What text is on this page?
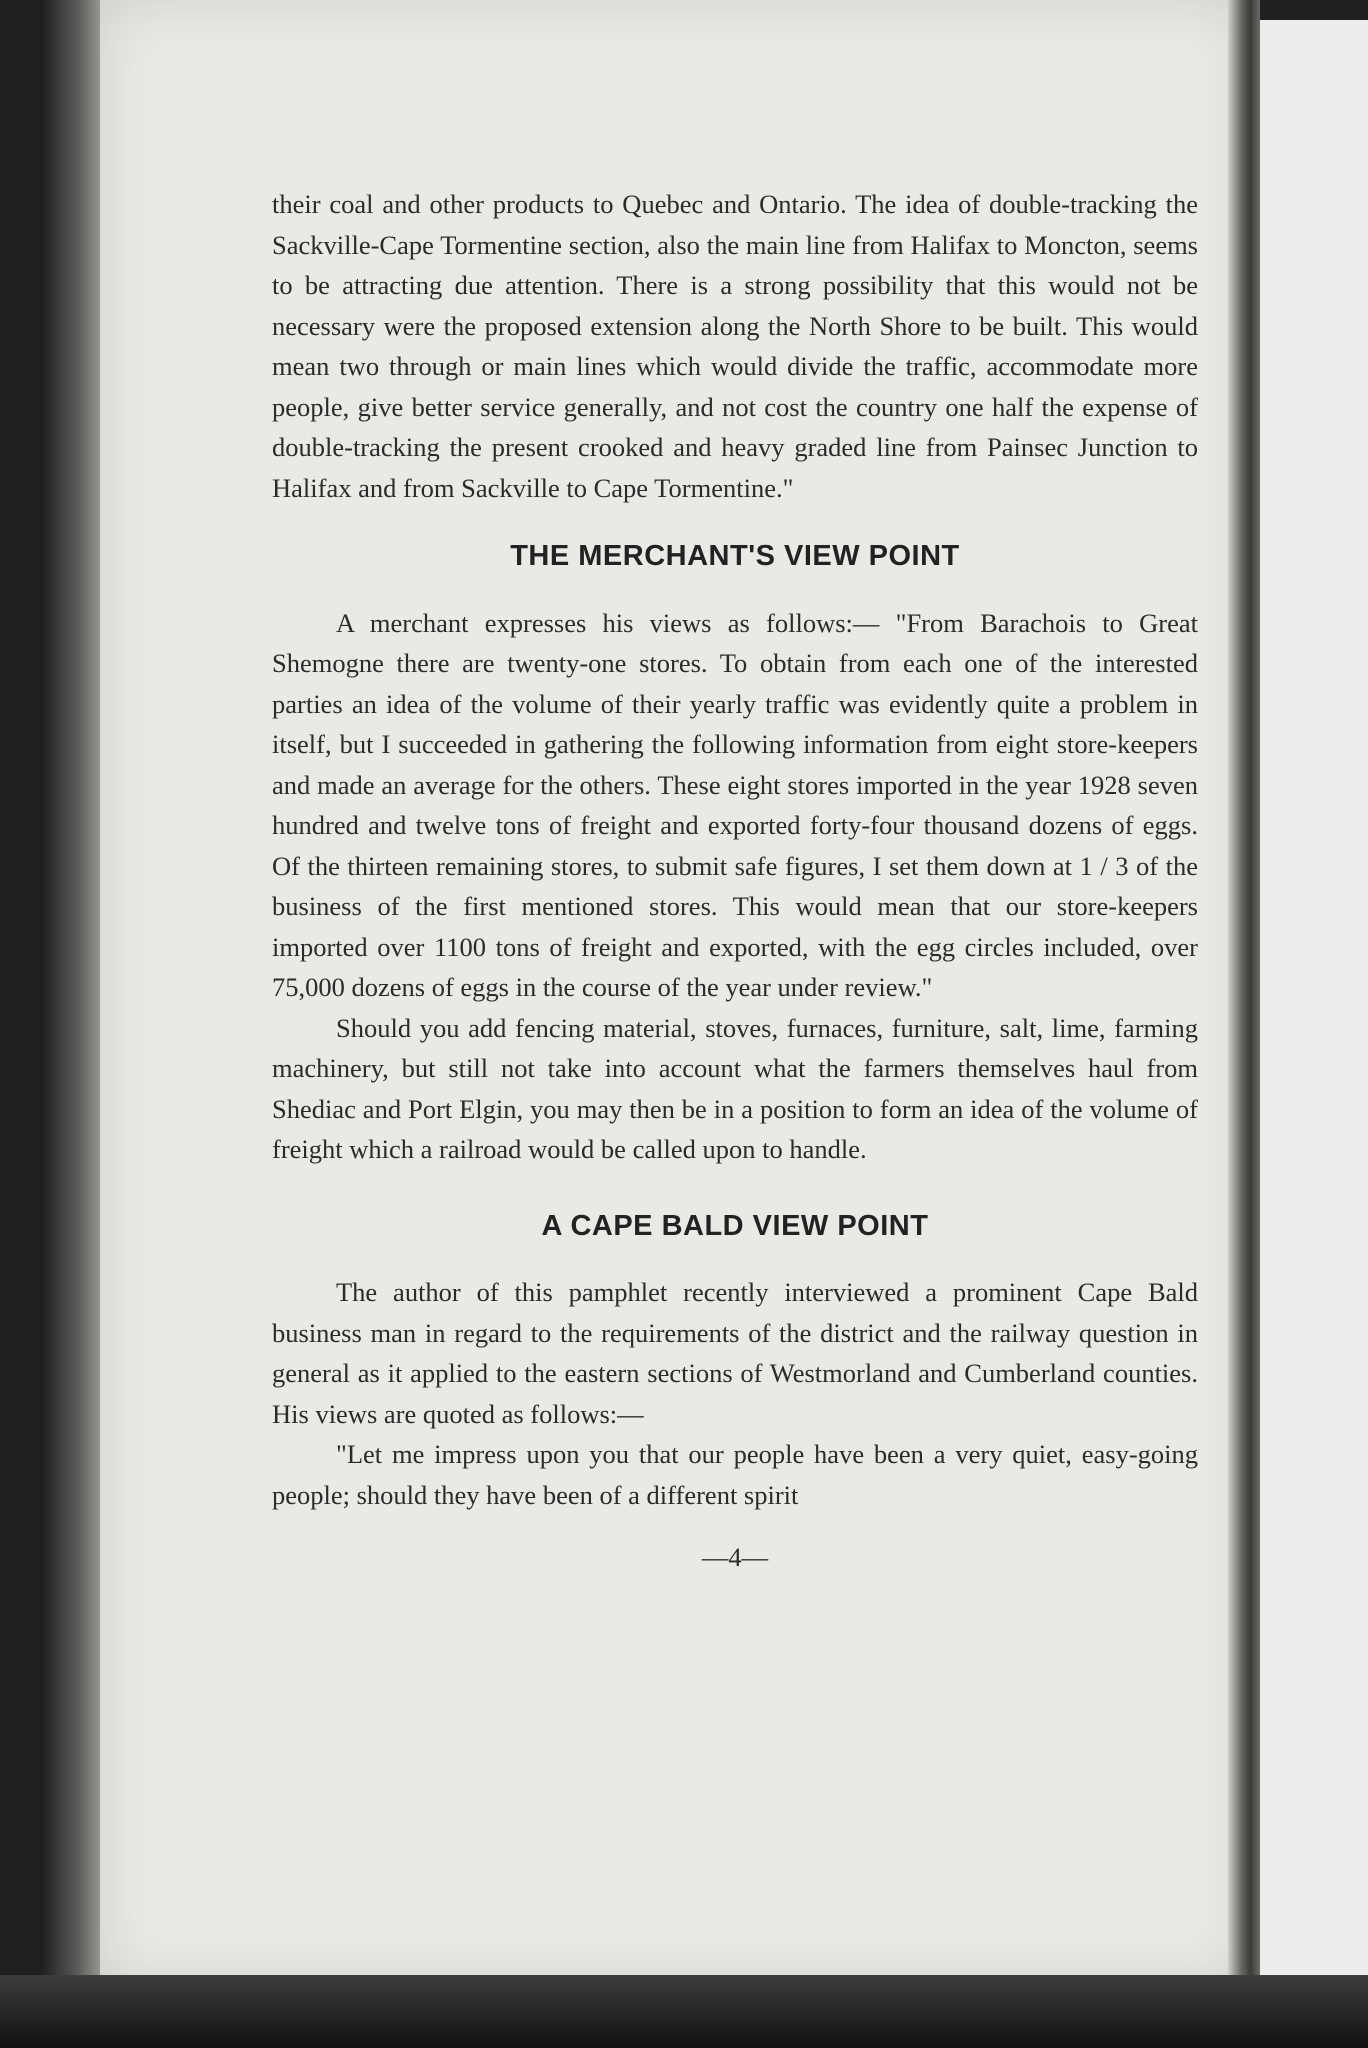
their coal and other products to Quebec and Ontario. The idea of double-tracking the Sackville-Cape Tormentine section, also the main line from Halifax to Moncton, seems to be attracting due attention. There is a strong possibility that this would not be necessary were the proposed extension along the North Shore to be built. This would mean two through or main lines which would divide the traffic, accommodate more people, give better service generally, and not cost the country one half the expense of double-tracking the present crooked and heavy graded line from Painsec Junction to Halifax and from Sackville to Cape Tormentine."

THE MERCHANT'S VIEW POINT

A merchant expresses his views as follows:— "From Barachois to Great Shemogne there are twenty-one stores. To obtain from each one of the interested parties an idea of the volume of their yearly traffic was evidently quite a problem in itself, but I succeeded in gathering the following information from eight store-keepers and made an average for the others. These eight stores imported in the year 1928 seven hundred and twelve tons of freight and exported forty-four thousand dozens of eggs. Of the thirteen remaining stores, to submit safe figures, I set them down at 1 / 3 of the business of the first mentioned stores. This would mean that our store-keepers imported over 1100 tons of freight and exported, with the egg circles included, over 75,000 dozens of eggs in the course of the year under review."

Should you add fencing material, stoves, furnaces, furniture, salt, lime, farming machinery, but still not take into account what the farmers themselves haul from Shediac and Port Elgin, you may then be in a position to form an idea of the volume of freight which a railroad would be called upon to handle.

A CAPE BALD VIEW POINT

The author of this pamphlet recently interviewed a prominent Cape Bald business man in regard to the requirements of the district and the railway question in general as it applied to the eastern sections of Westmorland and Cumberland counties. His views are quoted as follows:—

"Let me impress upon you that our people have been a very quiet, easy-going people; should they have been of a different spirit

—4—
